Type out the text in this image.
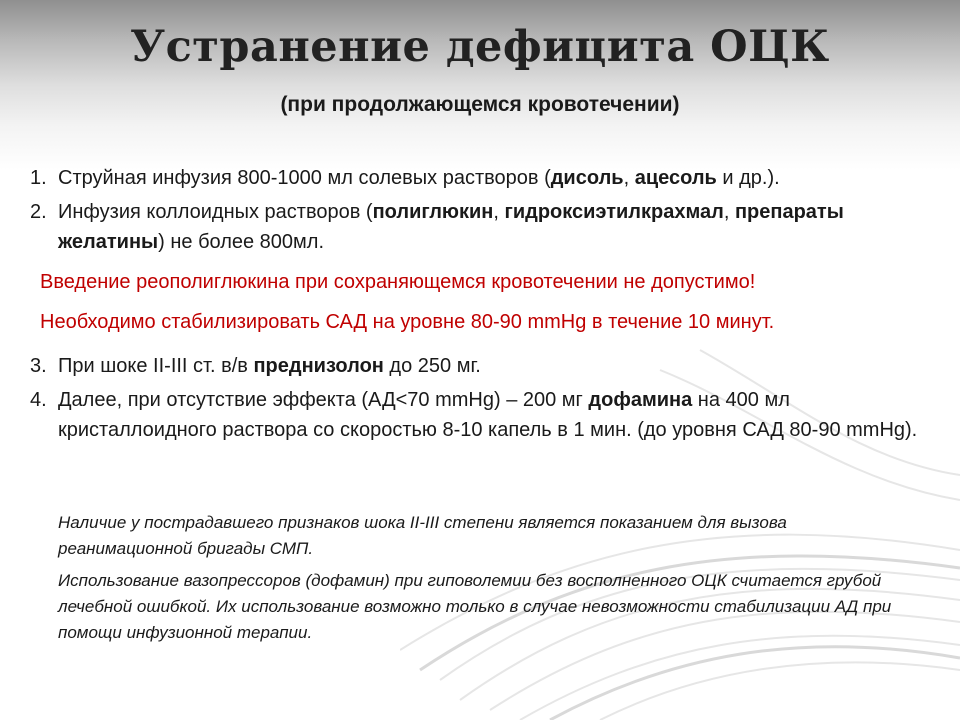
Устранение дефицита ОЦК
(при продолжающемся кровотечении)
1. Струйная инфузия 800-1000 мл солевых растворов (дисоль, ацесоль и др.).
2. Инфузия коллоидных растворов (полиглюкин, гидроксиэтилкрахмал, препараты желатины) не более 800мл.
Введение реополиглюкина при сохраняющемся кровотечении не допустимо!
Необходимо стабилизировать САД на уровне 80-90 mmHg в течение 10 минут.
3. При шоке II-III ст. в/в преднизолон до 250 мг.
4. Далее, при отсутствие эффекта (АД<70 mmHg) – 200 мг дофамина на 400 мл кристаллоидного раствора со скоростью 8-10 капель в 1 мин. (до уровня САД 80-90 mmHg).

Наличие у пострадавшего признаков шока II-III степени является показанием для вызова реанимационной бригады СМП.

Использование вазопрессоров (дофамин) при гиповолемии без восполненного ОЦК считается грубой лечебной ошибкой. Их использование возможно только в случае невозможности стабилизации АД при помощи инфузионной терапии.
